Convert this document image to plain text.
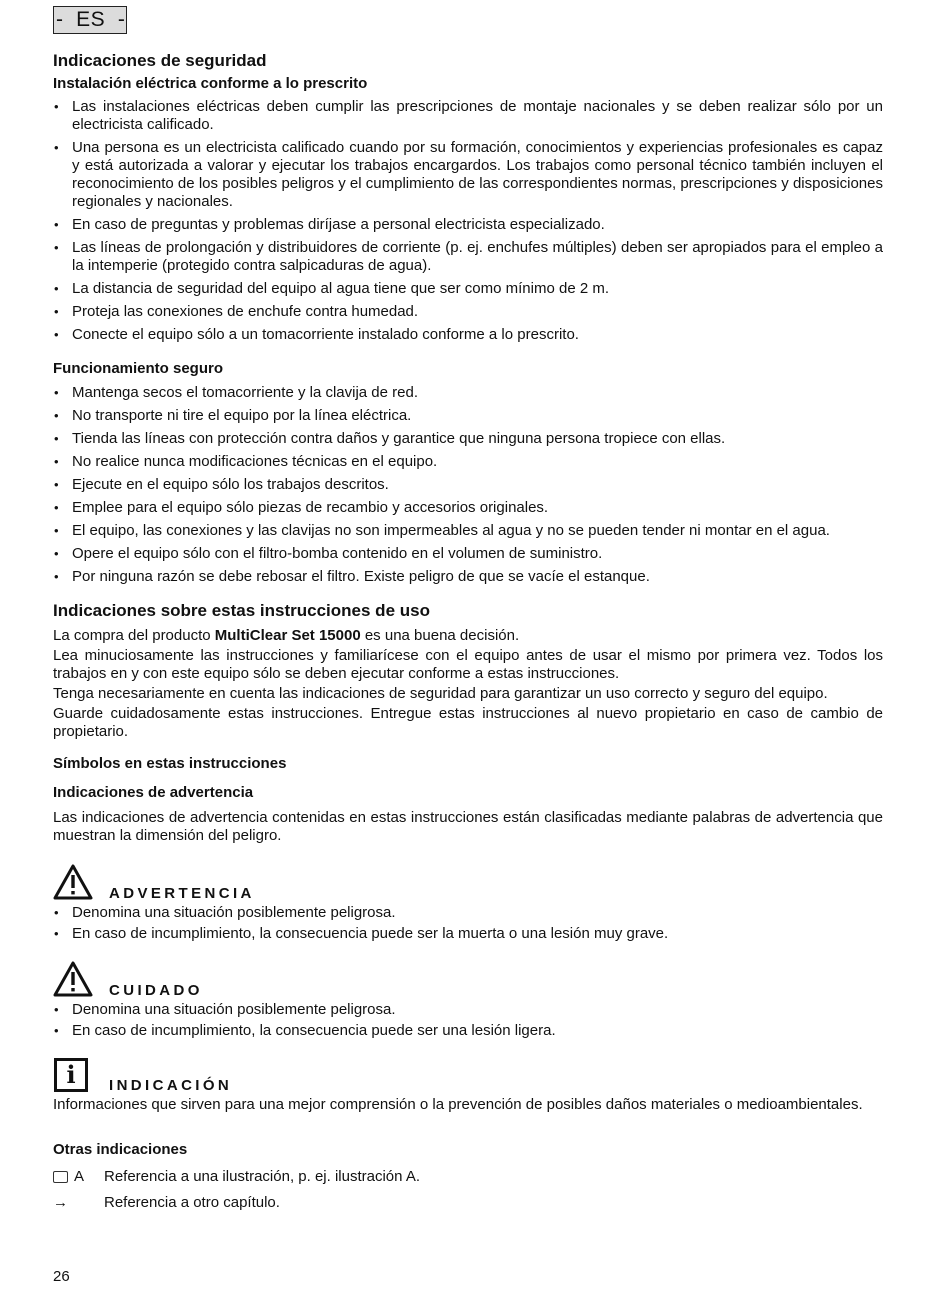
-  ES  -
Indicaciones de seguridad
Instalación eléctrica conforme a lo prescrito
• Las instalaciones eléctricas deben cumplir las prescripciones de montaje nacionales y se deben realizar sólo por un electricista calificado.
• Una persona es un electricista calificado cuando por su formación, conocimientos y experiencias profesionales es capaz y está autorizada a valorar y ejecutar los trabajos encargardos. Los trabajos como personal técnico también incluyen el reconocimiento de los posibles peligros y el cumplimiento de las correspondientes normas, prescripciones y disposiciones regionales y nacionales.
• En caso de preguntas y problemas diríjase a personal electricista especializado.
• Las líneas de prolongación y distribuidores de corriente (p. ej. enchufes múltiples) deben ser apropiados para el empleo a la intemperie (protegido contra salpicaduras de agua).
• La distancia de seguridad del equipo al agua tiene que ser como mínimo de 2 m.
• Proteja las conexiones de enchufe contra humedad.
• Conecte el equipo sólo a un tomacorriente instalado conforme a lo prescrito.
Funcionamiento seguro
• Mantenga secos el tomacorriente y la clavija de red.
• No transporte ni tire el equipo por la línea eléctrica.
• Tienda las líneas con protección contra daños y garantice que ninguna persona tropiece con ellas.
• No realice nunca modificaciones técnicas en el equipo.
• Ejecute en el equipo sólo los trabajos descritos.
• Emplee para el equipo sólo piezas de recambio y accesorios originales.
• El equipo, las conexiones y las clavijas no son impermeables al agua y no se pueden tender ni montar en el agua.
• Opere el equipo sólo con el filtro-bomba contenido en el volumen de suministro.
• Por ninguna razón se debe rebosar el filtro. Existe peligro de que se vacíe el estanque.
Indicaciones sobre estas instrucciones de uso

La compra del producto MultiClear Set 15000 es una buena decisión.

Lea minuciosamente las instrucciones y familiarícese con el equipo antes de usar el mismo por primera vez. Todos los trabajos en y con este equipo sólo se deben ejecutar conforme a estas instrucciones.

Tenga necesariamente en cuenta las indicaciones de seguridad para garantizar un uso correcto y seguro del equipo.

Guarde cuidadosamente estas instrucciones. Entregue estas instrucciones al nuevo propietario en caso de cambio de propietario.

Símbolos en estas instrucciones
Indicaciones de advertencia

Las indicaciones de advertencia contenidas en estas instrucciones están clasificadas mediante palabras de advertencia que muestran la dimensión del peligro.

ADVERTENCIA
• Denomina una situación posiblemente peligrosa.
• En caso de incumplimiento, la consecuencia puede ser la muerta o una lesión muy grave.
CUIDADO
• Denomina una situación posiblemente peligrosa.
• En caso de incumplimiento, la consecuencia puede ser una lesión ligera.
i	INDICACIÓN

Informaciones que sirven para una mejor comprensión o la prevención de posibles daños materiales o medioambientales.

Otras indicaciones
A Referencia a una ilustración, p. ej. ilustración A.
→	Referencia a otro capítulo.
26
